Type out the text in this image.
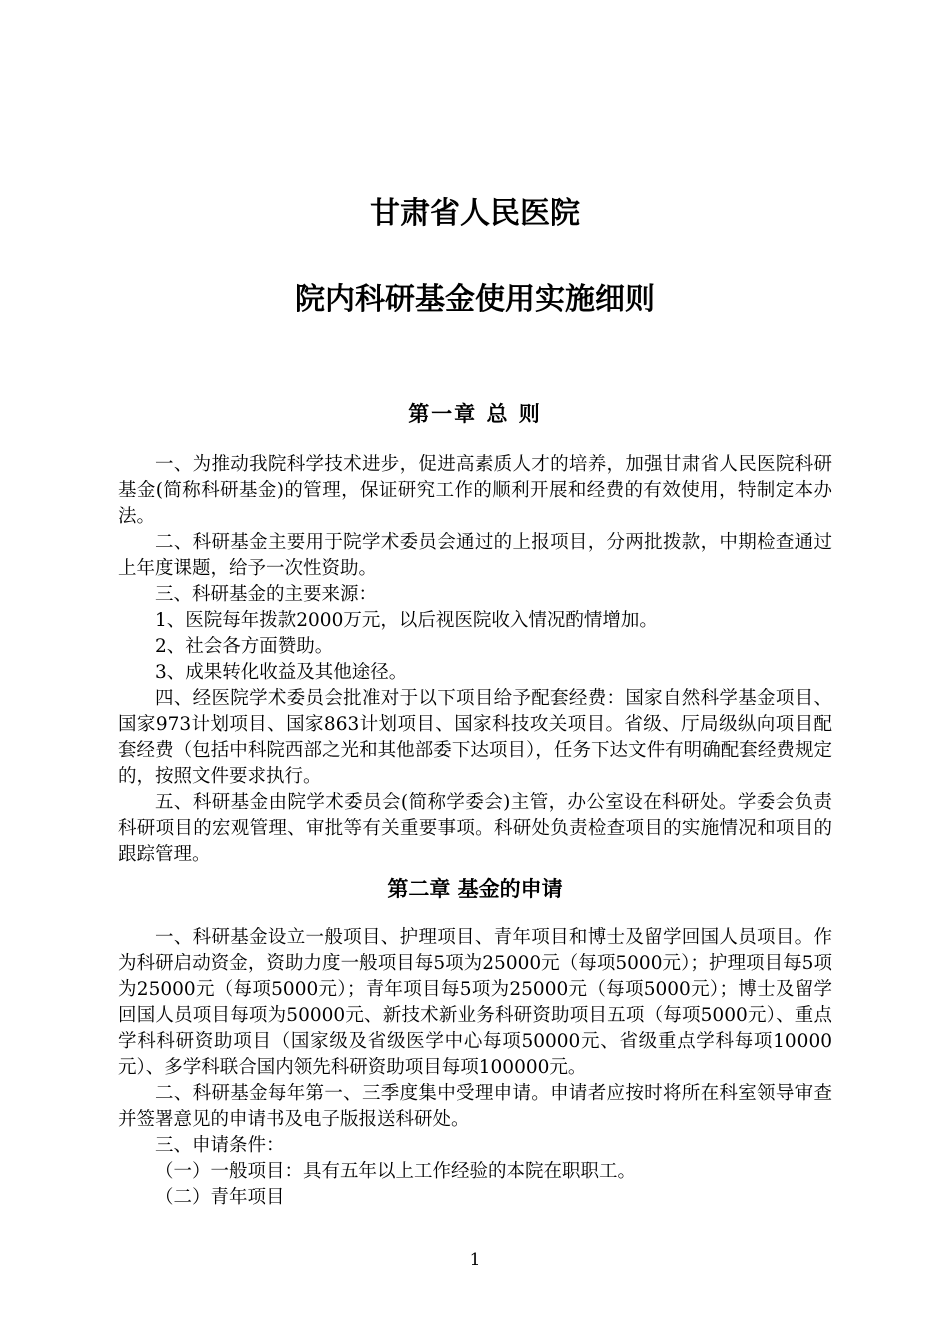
甘肃省人民医院
院内科研基金使用实施细则
第一章 总 则

一、为推动我院科学技术进步，促进高素质人才的培养，加强甘肃省人民医院科研基金(简称科研基金)的管理，保证研究工作的顺利开展和经费的有效使用，特制定本办法。

二、科研基金主要用于院学术委员会通过的上报项目，分两批拨款，中期检查通过上年度课题，给予一次性资助。

三、科研基金的主要来源：

1、医院每年拨款2000万元，以后视医院收入情况酌情增加。

2、社会各方面赞助。

3、成果转化收益及其他途径。

四、经医院学术委员会批准对于以下项目给予配套经费：国家自然科学基金项目、国家973计划项目、国家863计划项目、国家科技攻关项目。省级、厅局级纵向项目配套经费（包括中科院西部之光和其他部委下达项目），任务下达文件有明确配套经费规定的，按照文件要求执行。

五、科研基金由院学术委员会(简称学委会)主管，办公室设在科研处。学委会负责科研项目的宏观管理、审批等有关重要事项。科研处负责检查项目的实施情况和项目的跟踪管理。

第二章 基金的申请

一、科研基金设立一般项目、护理项目、青年项目和博士及留学回国人员项目。作为科研启动资金，资助力度一般项目每5项为25000元（每项5000元）；护理项目每5项为25000元（每项5000元）；青年项目每5项为25000元（每项5000元）；博士及留学回国人员项目每项为50000元、新技术新业务科研资助项目五项（每项5000元）、重点学科科研资助项目（国家级及省级医学中心每项50000元、省级重点学科每项10000元）、多学科联合国内领先科研资助项目每项100000元。

二、科研基金每年第一、三季度集中受理申请。申请者应按时将所在科室领导审查并签署意见的申请书及电子版报送科研处。

三、申请条件：

（一）一般项目：具有五年以上工作经验的本院在职职工。

（二）青年项目

1
